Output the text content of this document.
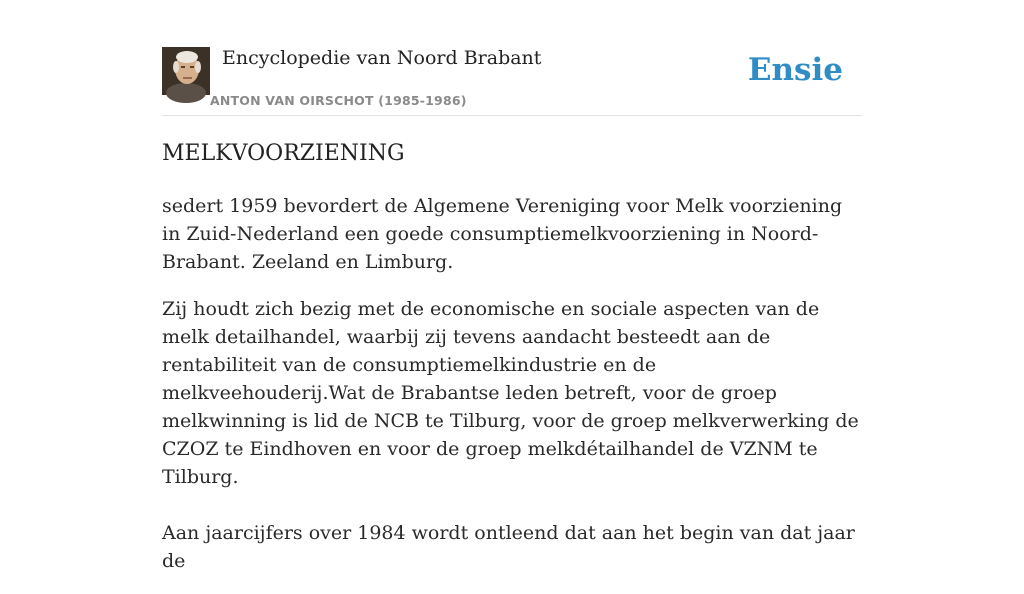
Encyclopedie van Noord Brabant
ANTON VAN OIRSCHOT (1985-1986)
Ensie
MELKVOORZIENING

sedert 1959 bevordert de Algemene Vereniging voor Melk voorziening in Zuid-Nederland een goede consumptiemelkvoorziening in Noord-Brabant. Zeeland en Limburg.

Zij houdt zich bezig met de economische en sociale aspecten van de melk detailhandel, waarbij zij tevens aandacht besteedt aan de rentabiliteit van de consumptiemelkindustrie en de melkveehouderij.Wat de Brabantse leden betreft, voor de groep melkwinning is lid de NCB te Tilburg, voor de groep melkverwerking de CZOZ te Eindhoven en voor de groep melkdétailhandel de VZNM te Tilburg.

Aan jaarcijfers over 1984 wordt ontleend dat aan het begin van dat jaar de
